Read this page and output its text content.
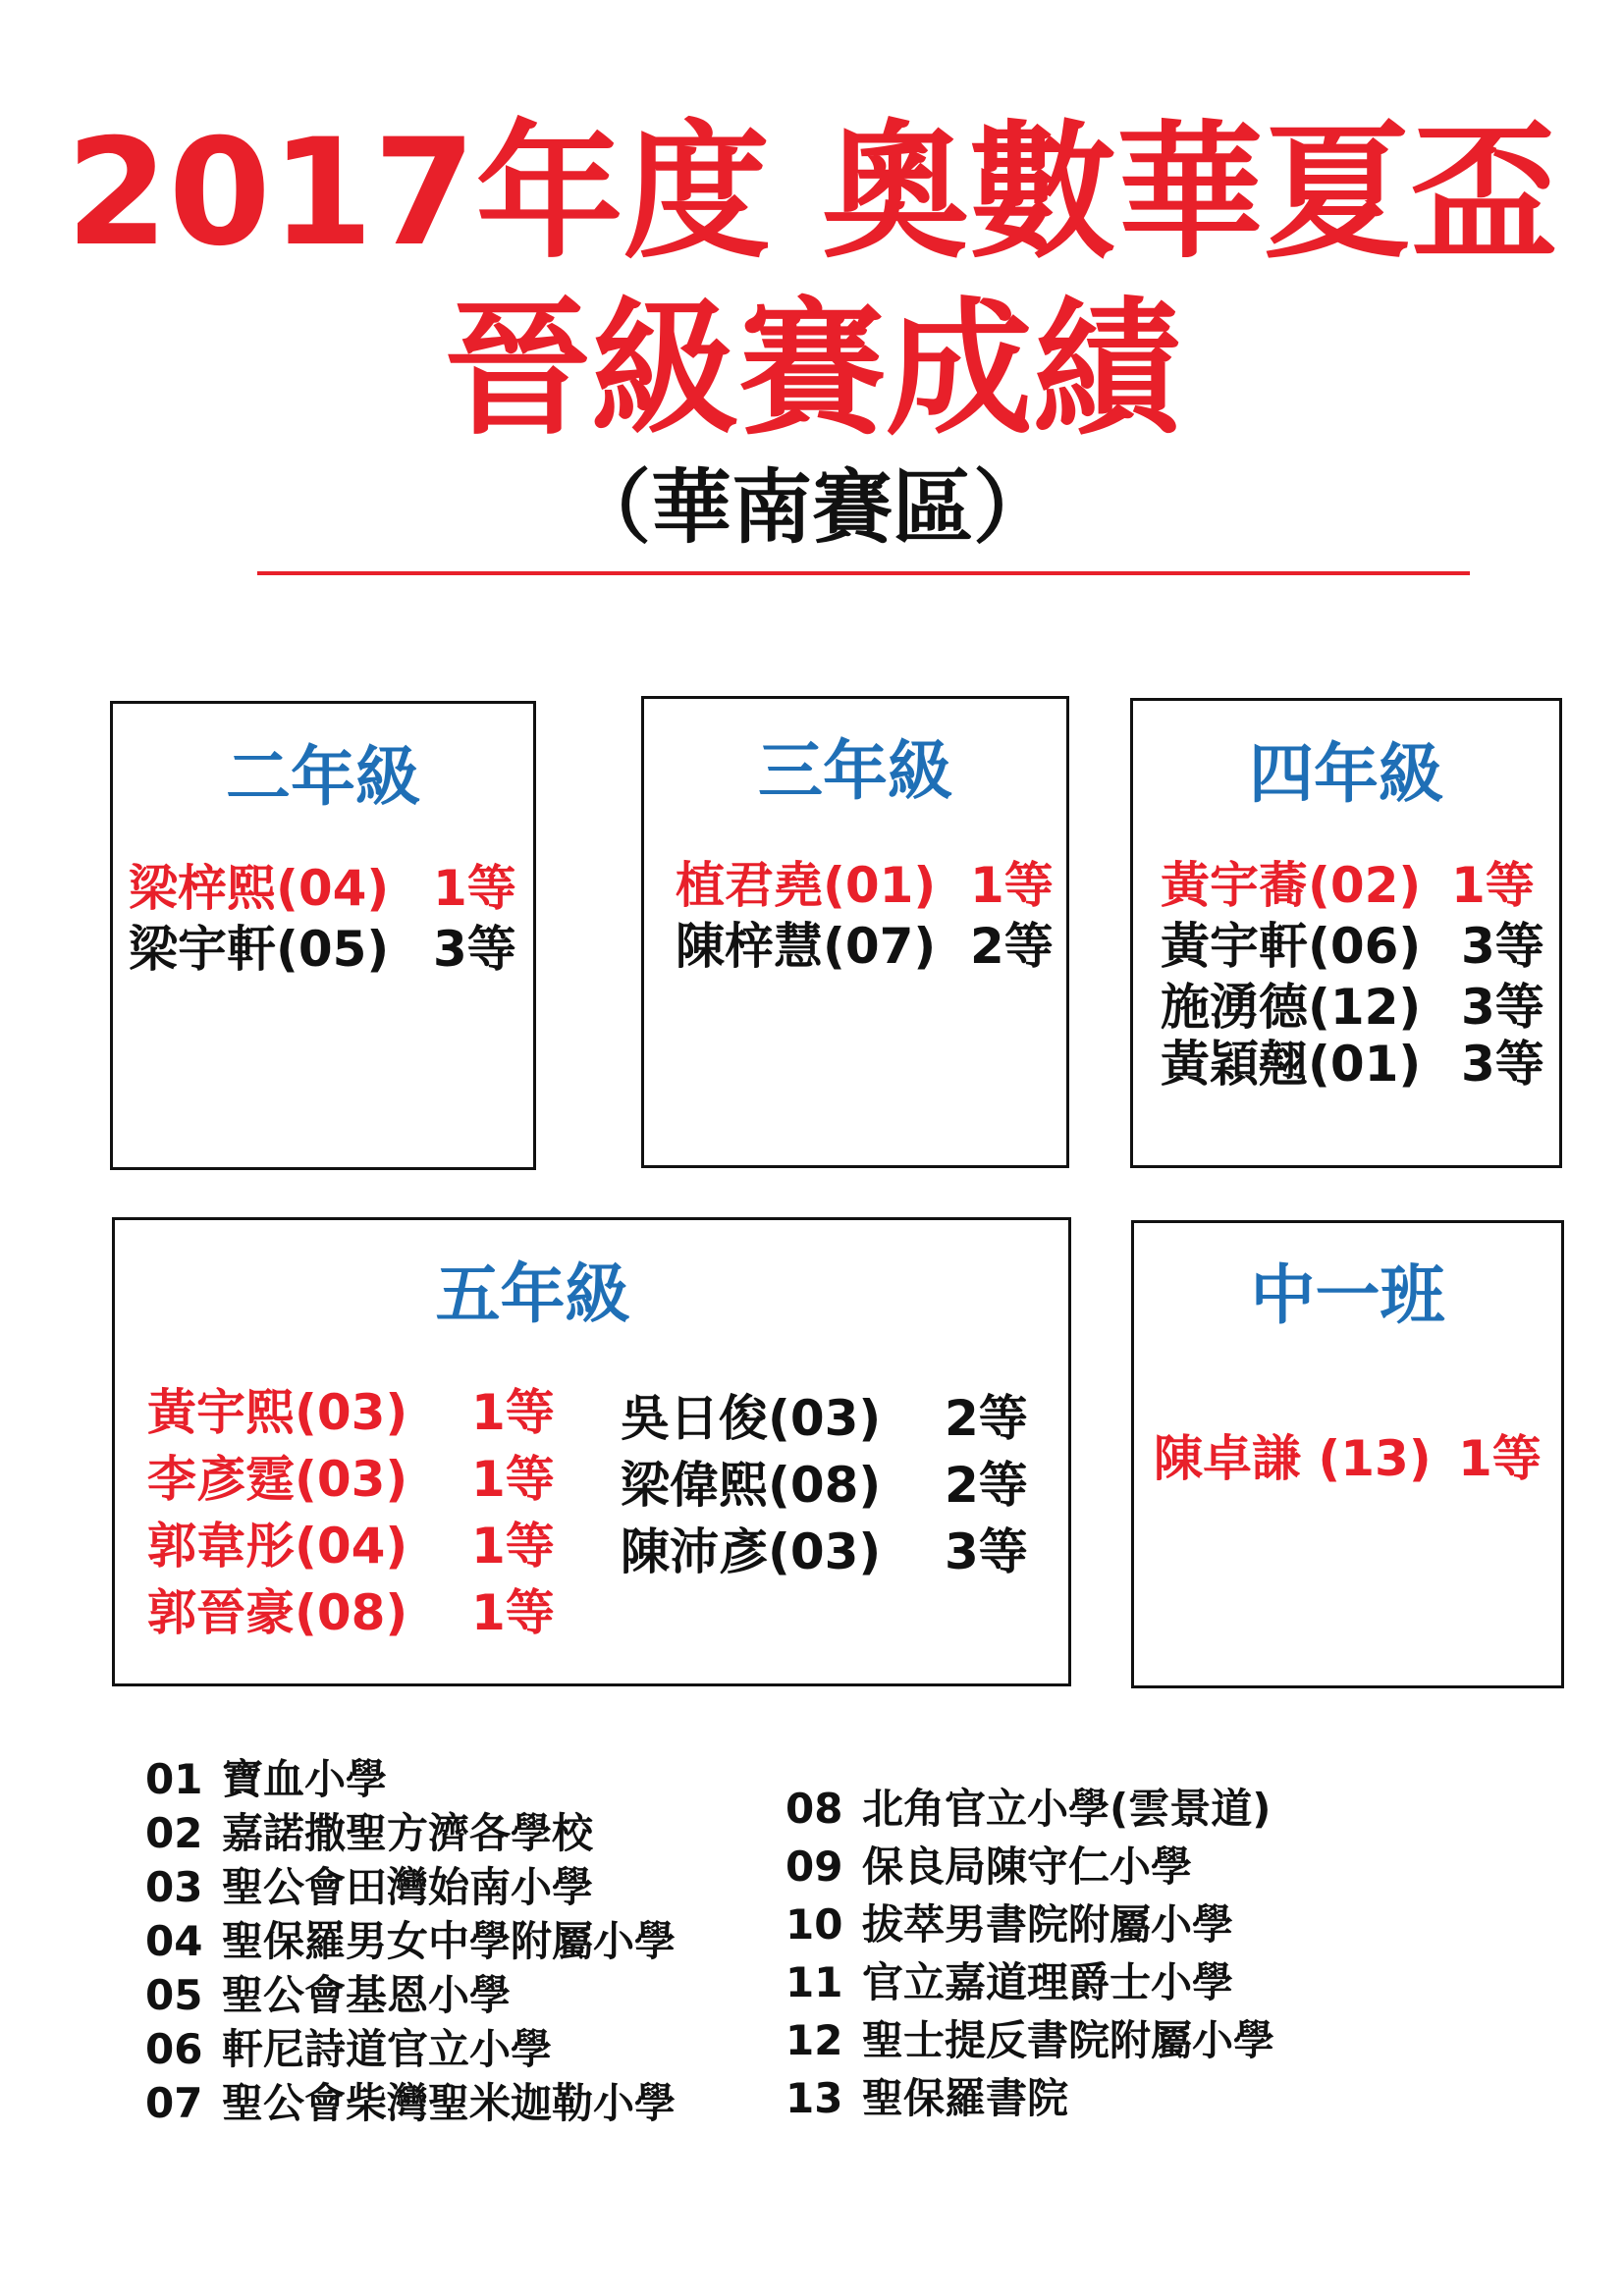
2017年度 奧數華夏盃
晉級賽成績
（華南賽區）
二年級
梁梓熙(04) 1等
梁宇軒(05) 3等
三年級
植君堯(01) 1等
陳梓慧(07) 2等
四年級
黃宇蕎(02) 1等
黃宇軒(06) 3等
施湧德(12) 3等
黃穎翹(01) 3等
五年級
黃宇熙(03) 1等
李彥霆(03) 1等
郭韋彤(04) 1等
郭晉豪(08) 1等
吳日俊(03) 2等
梁偉熙(08) 2等
陳沛彥(03) 3等
中一班
陳卓謙 (13) 1等
01 寶血小學
02 嘉諾撒聖方濟各學校
03 聖公會田灣始南小學
04 聖保羅男女中學附屬小學
05 聖公會基恩小學
06 軒尼詩道官立小學
07 聖公會柴灣聖米迦勒小學
08 北角官立小學(雲景道)
09 保良局陳守仁小學
10 拔萃男書院附屬小學
11 官立嘉道理爵士小學
12 聖士提反書院附屬小學
13 聖保羅書院
